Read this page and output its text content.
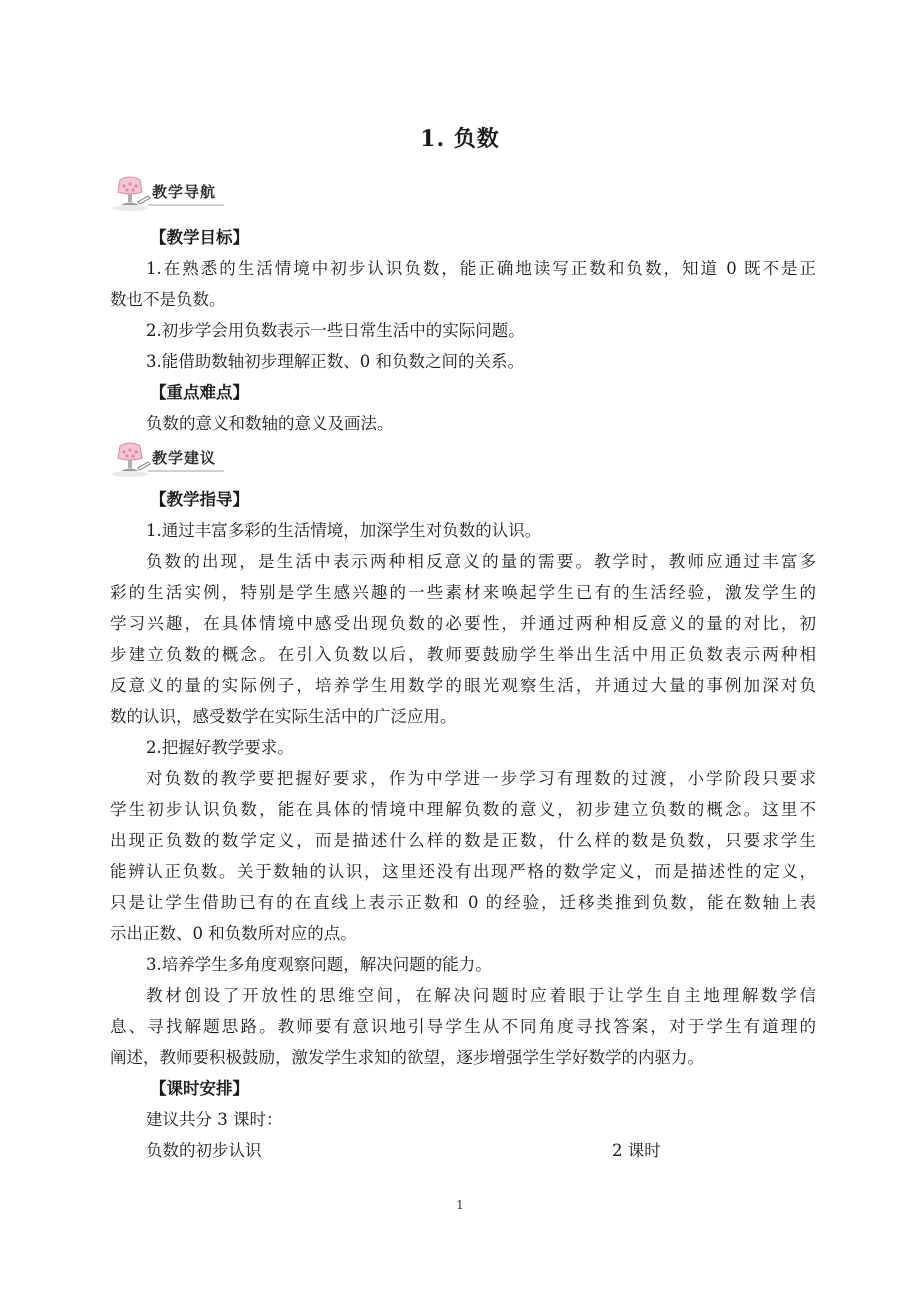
1. 负数
教学导航
【教学目标】
1.在熟悉的生活情境中初步认识负数，能正确地读写正数和负数，知道 0 既不是正
数也不是负数。
2.初步学会用负数表示一些日常生活中的实际问题。
3.能借助数轴初步理解正数、0 和负数之间的关系。
【重点难点】
负数的意义和数轴的意义及画法。
教学建议
【教学指导】
1.通过丰富多彩的生活情境，加深学生对负数的认识。
负数的出现，是生活中表示两种相反意义的量的需要。教学时，教师应通过丰富多
彩的生活实例，特别是学生感兴趣的一些素材来唤起学生已有的生活经验，激发学生的
学习兴趣，在具体情境中感受出现负数的必要性，并通过两种相反意义的量的对比，初
步建立负数的概念。在引入负数以后，教师要鼓励学生举出生活中用正负数表示两种相
反意义的量的实际例子，培养学生用数学的眼光观察生活，并通过大量的事例加深对负
数的认识，感受数学在实际生活中的广泛应用。
2.把握好教学要求。
对负数的教学要把握好要求，作为中学进一步学习有理数的过渡，小学阶段只要求
学生初步认识负数，能在具体的情境中理解负数的意义，初步建立负数的概念。这里不
出现正负数的数学定义，而是描述什么样的数是正数，什么样的数是负数，只要求学生
能辨认正负数。关于数轴的认识，这里还没有出现严格的数学定义，而是描述性的定义，
只是让学生借助已有的在直线上表示正数和 0 的经验，迁移类推到负数，能在数轴上表
示出正数、0 和负数所对应的点。
3.培养学生多角度观察问题，解决问题的能力。
教材创设了开放性的思维空间，在解决问题时应着眼于让学生自主地理解数学信
息、寻找解题思路。教师要有意识地引导学生从不同角度寻找答案，对于学生有道理的
阐述，教师要积极鼓励，激发学生求知的欲望，逐步增强学生学好数学的内驱力。
【课时安排】
建议共分 3 课时：
负数的初步认识	2 课时
1
